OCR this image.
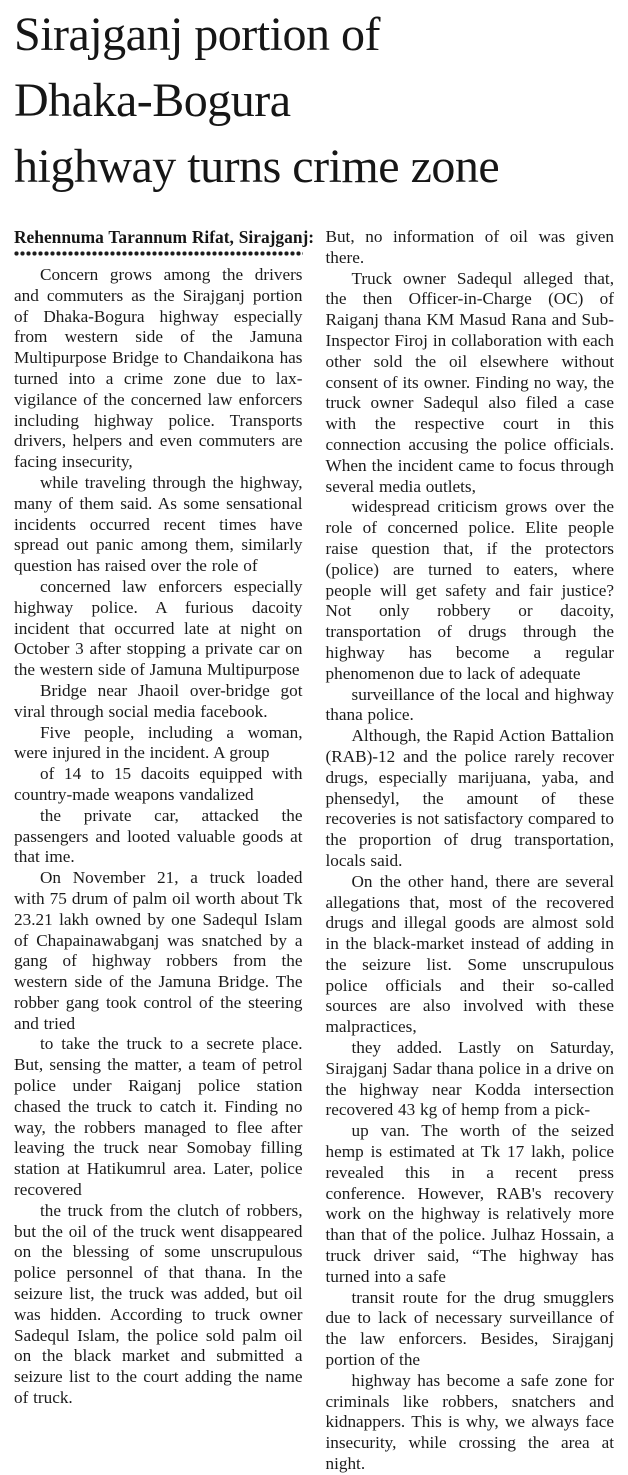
Sirajganj portion of
Dhaka-Bogura
highway turns crime zone
Rehennuma Tarannum Rifat, Sirajganj:

Concern grows among the drivers and commuters as the Sirajganj portion of Dhaka-Bogura highway especially from western side of the Jamuna Multipurpose Bridge to Chandaikona has turned into a crime zone due to lax-vigilance of the concerned law enforcers including highway police. Transports drivers, helpers and even commuters are facing insecurity,

while traveling through the highway, many of them said. As some sensational incidents occurred recent times have spread out panic among them, similarly question has raised over the role of

concerned law enforcers especially highway police. A furious dacoity incident that occurred late at night on October 3 after stopping a private car on the western side of Jamuna Multipurpose

Bridge near Jhaoil over-bridge got viral through social media facebook.

Five people, including a woman, were injured in the incident. A group

of 14 to 15 dacoits equipped with country-made weapons vandalized

the private car, attacked the passengers and looted valuable goods at that ime.

On November 21, a truck loaded with 75 drum of palm oil worth about Tk 23.21 lakh owned by one Sadequl Islam of Chapainawabganj was snatched by a gang of highway robbers from the western side of the Jamuna Bridge. The robber gang took control of the steering and tried

to take the truck to a secrete place. But, sensing the matter, a team of petrol police under Raiganj police station chased the truck to catch it. Finding no way, the robbers managed to flee after leaving the truck near Somobay filling station at Hatikumrul area. Later, police recovered

the truck from the clutch of robbers, but the oil of the truck went disappeared on the blessing of some unscrupulous police personnel of that thana. In the seizure list, the truck was added, but oil was hidden. According to truck owner Sadequl Islam, the police sold palm oil on the black market and submitted a seizure list to the court adding the name of truck.

But, no information of oil was given there.

Truck owner Sadequl alleged that, the then Officer-in-Charge (OC) of Raiganj thana KM Masud Rana and Sub-Inspector Firoj in collaboration with each other sold the oil elsewhere without consent of its owner. Finding no way, the truck owner Sadequl also filed a case with the respective court in this connection accusing the police officials. When the incident came to focus through several media outlets,

widespread criticism grows over the role of concerned police. Elite people raise question that, if the protectors (police) are turned to eaters, where people will get safety and fair justice? Not only robbery or dacoity, transportation of drugs through the highway has become a regular phenomenon due to lack of adequate

surveillance of the local and highway thana police.

Although, the Rapid Action Battalion (RAB)-12 and the police rarely recover drugs, especially marijuana, yaba, and phensedyl, the amount of these recoveries is not satisfactory compared to the proportion of drug transportation, locals said.

On the other hand, there are several allegations that, most of the recovered drugs and illegal goods are almost sold in the black-market instead of adding in the seizure list. Some unscrupulous police officials and their so-called sources are also involved with these malpractices,

they added. Lastly on Saturday, Sirajganj Sadar thana police in a drive on the highway near Kodda intersection recovered 43 kg of hemp from a pick-

up van. The worth of the seized hemp is estimated at Tk 17 lakh, police revealed this in a recent press conference. However, RAB's recovery work on the highway is relatively more than that of the police. Julhaz Hossain, a truck driver said, “The highway has turned into a safe

transit route for the drug smugglers due to lack of necessary surveillance of the law enforcers. Besides, Sirajganj portion of the

highway has become a safe zone for criminals like robbers, snatchers and kidnappers. This is why, we always face insecurity, while crossing the area at night.
